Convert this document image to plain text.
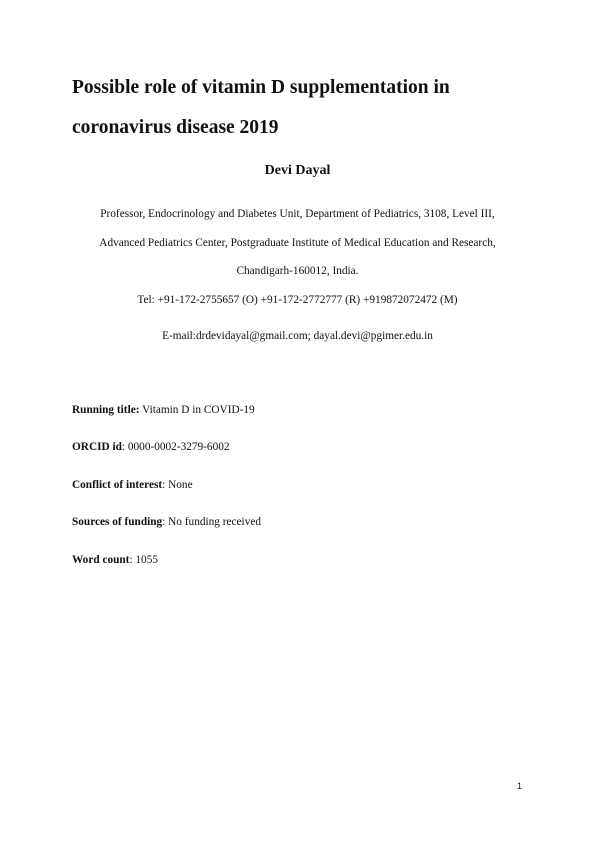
Possible role of vitamin D supplementation in coronavirus disease 2019

Devi Dayal

Professor, Endocrinology and Diabetes Unit, Department of Pediatrics, 3108, Level III,
Advanced Pediatrics Center, Postgraduate Institute of Medical Education and Research,
Chandigarh-160012, India.

Tel: +91-172-2755657 (O) +91-172-2772777 (R) +919872072472 (M)

E-mail:drdevidayal@gmail.com; dayal.devi@pgimer.edu.in

Running title: Vitamin D in COVID-19

ORCID id: 0000-0002-3279-6002

Conflict of interest: None

Sources of funding: No funding received

Word count: 1055

1
